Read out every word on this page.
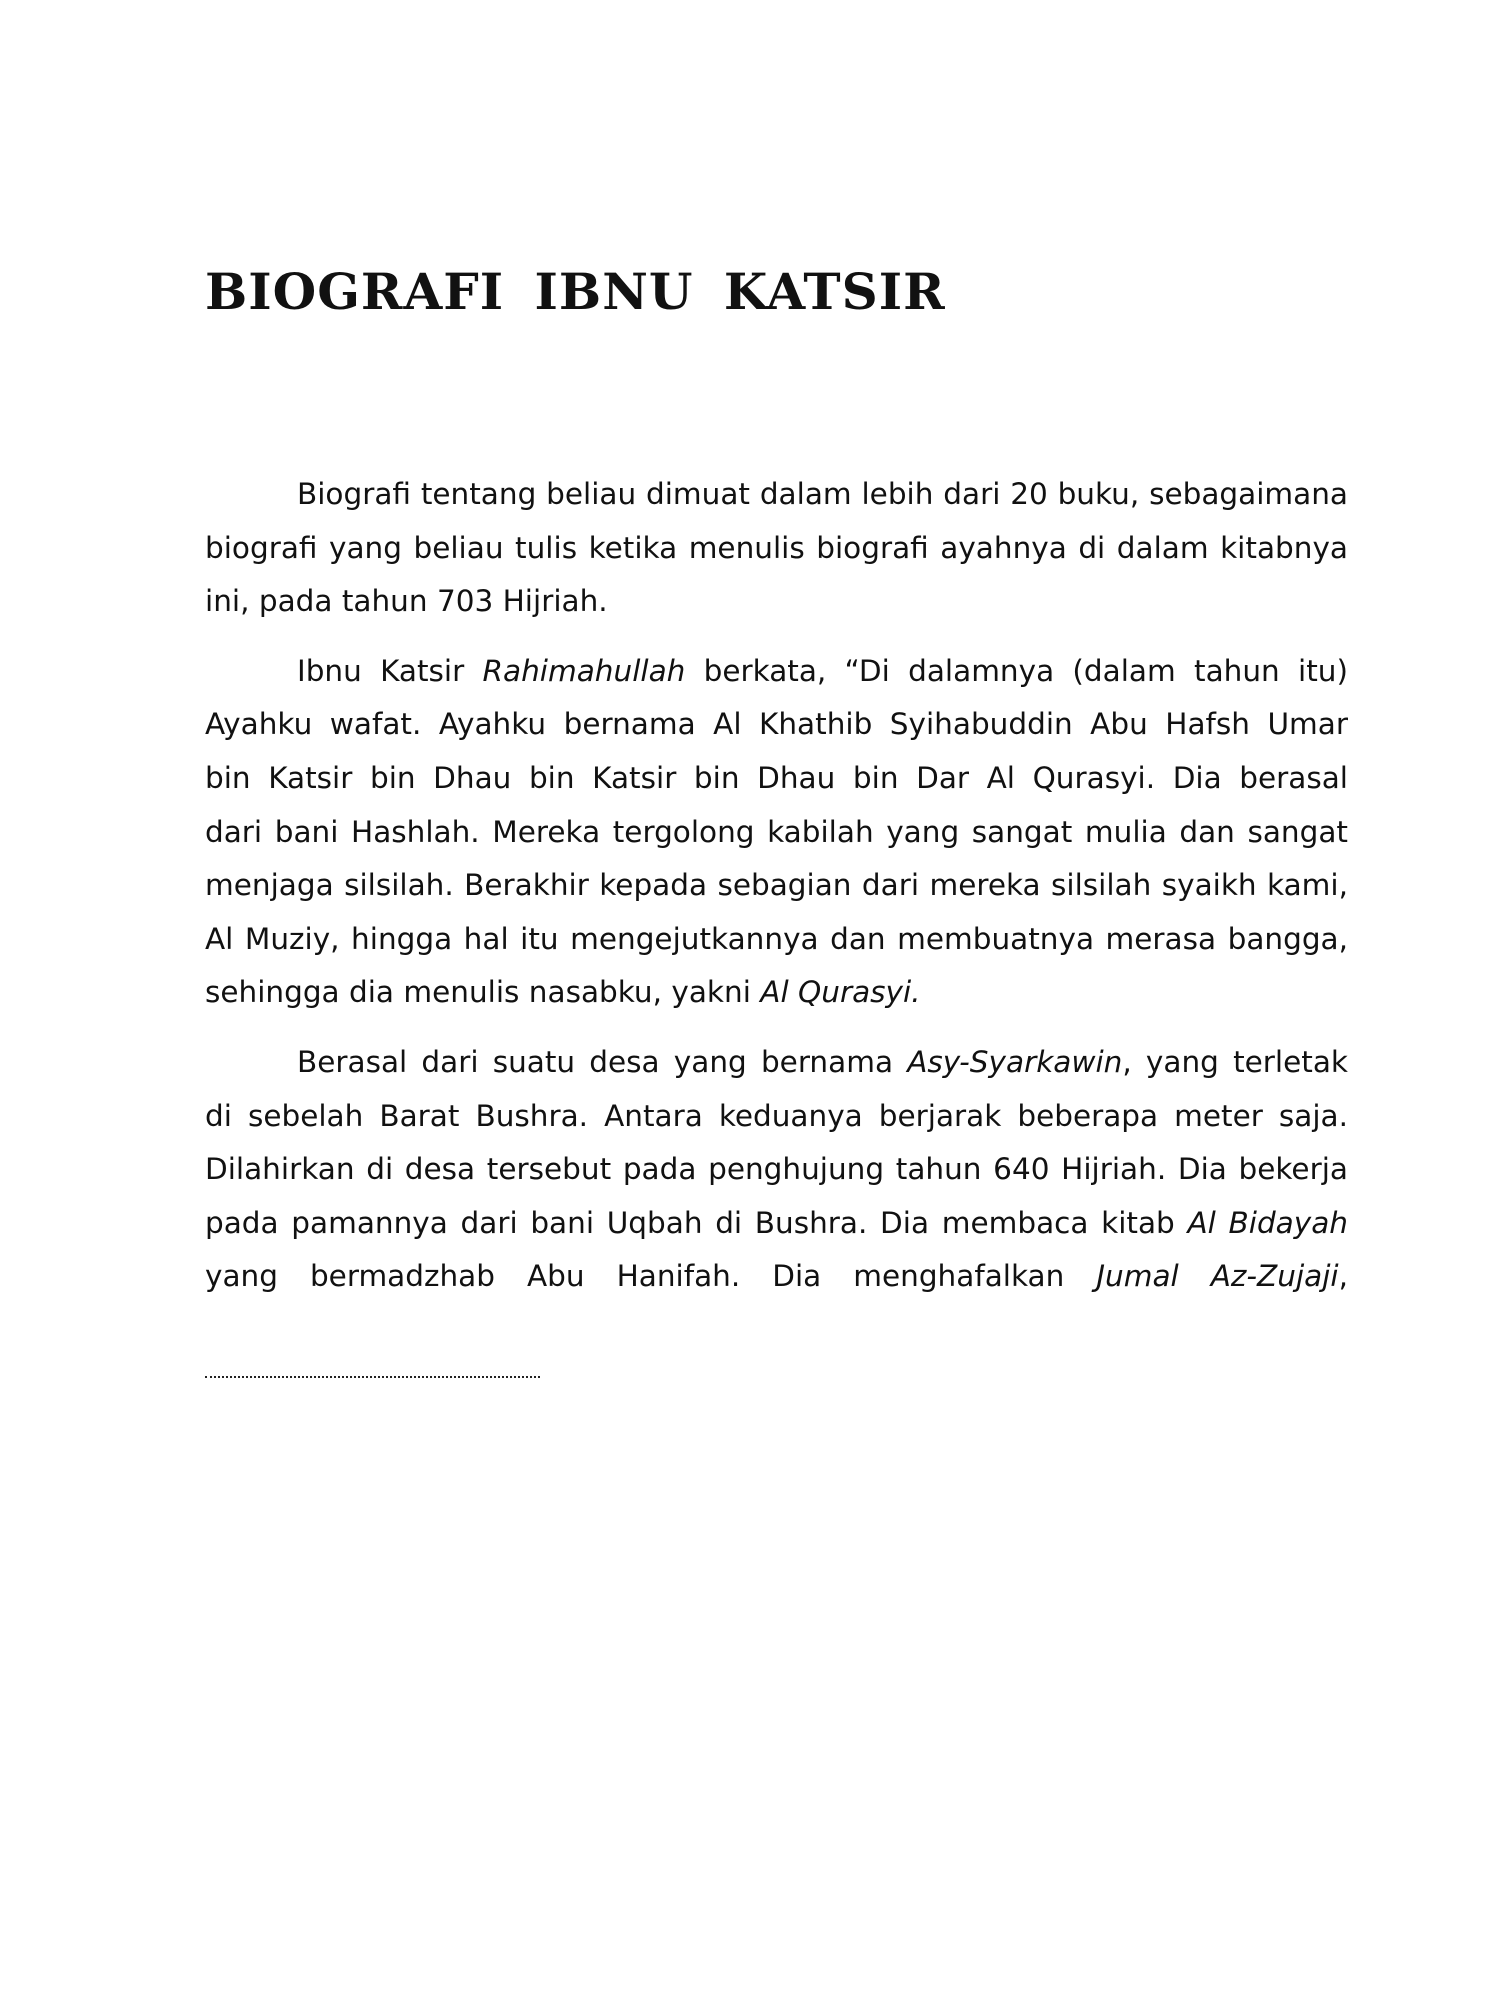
BIOGRAFI IBNU KATSIR
Biografi tentang beliau dimuat dalam lebih dari 20 buku, sebagaimana
biografi yang beliau tulis ketika menulis biografi ayahnya di dalam kitabnya
ini, pada tahun 703 Hijriah.
Ibnu Katsir Rahimahullah berkata, “Di dalamnya (dalam tahun itu)
Ayahku wafat. Ayahku bernama Al Khathib Syihabuddin Abu Hafsh Umar
bin Katsir bin Dhau bin Katsir bin Dhau bin Dar Al Qurasyi. Dia berasal
dari bani Hashlah. Mereka tergolong kabilah yang sangat mulia dan sangat
menjaga silsilah. Berakhir kepada sebagian dari mereka silsilah syaikh kami,
Al Muziy, hingga hal itu mengejutkannya dan membuatnya merasa bangga,
sehingga dia menulis nasabku, yakni Al Qurasyi.
Berasal dari suatu desa yang bernama Asy-Syarkawin, yang terletak
di sebelah Barat Bushra. Antara keduanya berjarak beberapa meter saja.
Dilahirkan di desa tersebut pada penghujung tahun 640 Hijriah. Dia bekerja
pada pamannya dari bani Uqbah di Bushra. Dia membaca kitab Al Bidayah
yang bermadzhab Abu Hanifah. Dia menghafalkan Jumal Az-Zujaji,
